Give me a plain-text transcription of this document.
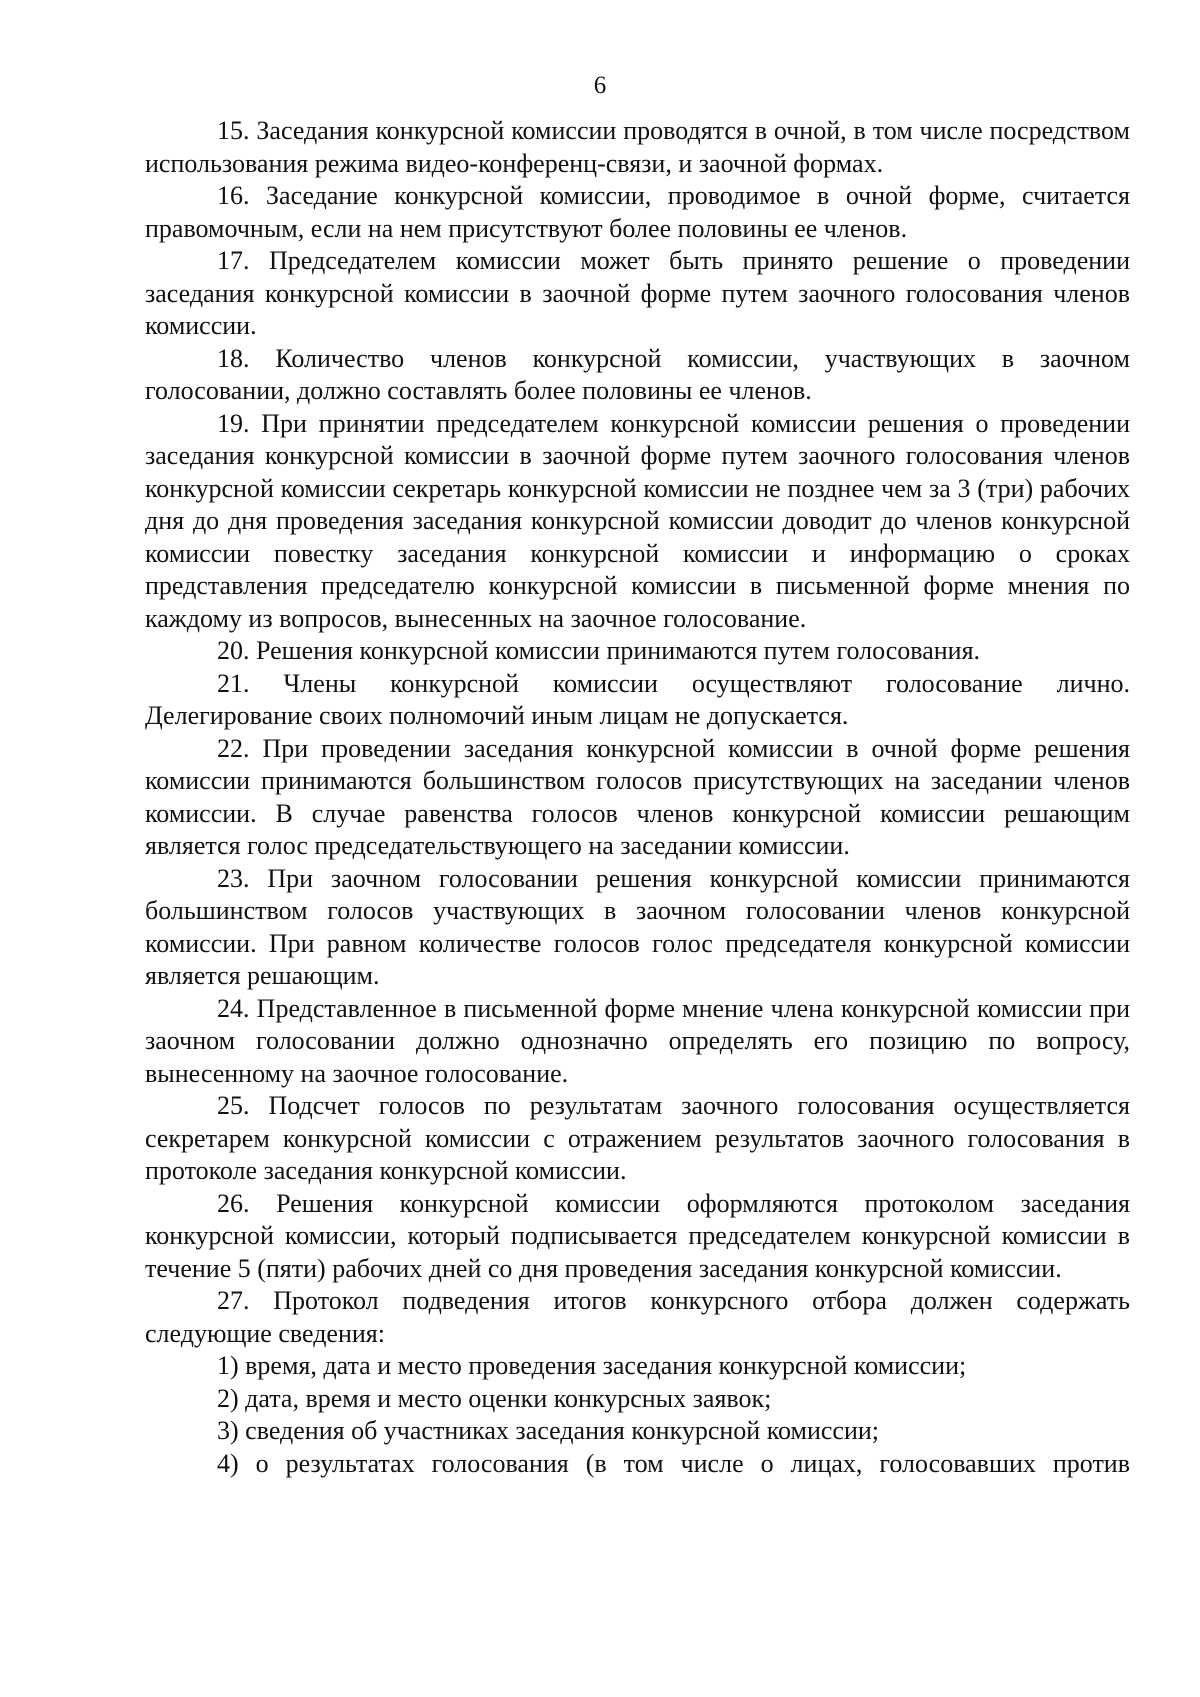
6

15. Заседания конкурсной комиссии проводятся в очной, в том числе посредством использования режима видео-конференц-связи, и заочной формах.

16. Заседание конкурсной комиссии, проводимое в очной форме, считается правомочным, если на нем присутствуют более половины ее членов.

17. Председателем комиссии может быть принято решение о проведении заседания конкурсной комиссии в заочной форме путем заочного голосования членов комиссии.

18. Количество членов конкурсной комиссии, участвующих в заочном голосовании, должно составлять более половины ее членов.

19. При принятии председателем конкурсной комиссии решения о проведении заседания конкурсной комиссии в заочной форме путем заочного голосования членов конкурсной комиссии секретарь конкурсной комиссии не позднее чем за 3 (три) рабочих дня до дня проведения заседания конкурсной комиссии доводит до членов конкурсной комиссии повестку заседания конкурсной комиссии и информацию о сроках представления председателю конкурсной комиссии в письменной форме мнения по каждому из вопросов, вынесенных на заочное голосование.

20. Решения конкурсной комиссии принимаются путем голосования.

21. Члены конкурсной комиссии осуществляют голосование лично. Делегирование своих полномочий иным лицам не допускается.

22. При проведении заседания конкурсной комиссии в очной форме решения комиссии принимаются большинством голосов присутствующих на заседании членов комиссии. В случае равенства голосов членов конкурсной комиссии решающим является голос председательствующего на заседании комиссии.

23. При заочном голосовании решения конкурсной комиссии принимаются большинством голосов участвующих в заочном голосовании членов конкурсной комиссии. При равном количестве голосов голос председателя конкурсной комиссии является решающим.

24. Представленное в письменной форме мнение члена конкурсной комиссии при заочном голосовании должно однозначно определять его позицию по вопросу, вынесенному на заочное голосование.

25. Подсчет голосов по результатам заочного голосования осуществляется секретарем конкурсной комиссии с отражением результатов заочного голосования в протоколе заседания конкурсной комиссии.

26. Решения конкурсной комиссии оформляются протоколом заседания конкурсной комиссии, который подписывается председателем конкурсной комиссии в течение 5 (пяти) рабочих дней со дня проведения заседания конкурсной комиссии.

27. Протокол подведения итогов конкурсного отбора должен содержать следующие сведения:

1) время, дата и место проведения заседания конкурсной комиссии;

2) дата, время и место оценки конкурсных заявок;

3) сведения об участниках заседания конкурсной комиссии;

4) о результатах голосования (в том числе о лицах, голосовавших против
